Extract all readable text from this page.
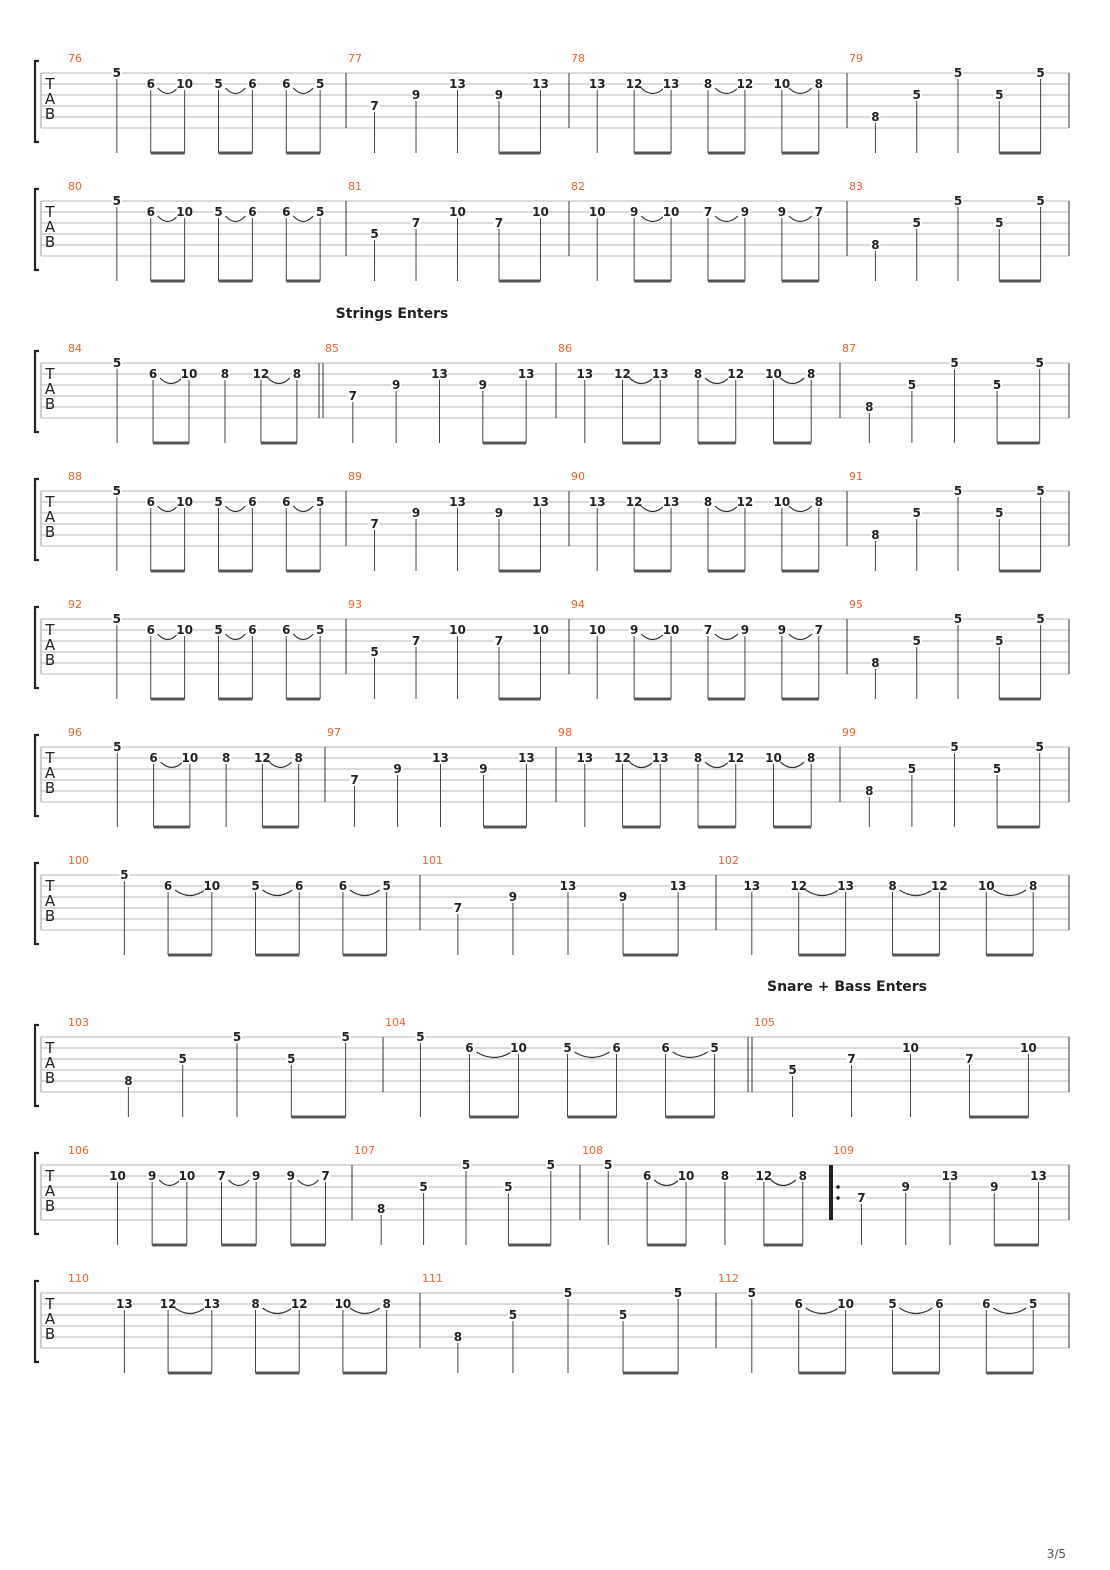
3/5
T
A
B
76
5
6 10 5 6 6 5
77
7
9
13
9
13
78
13 12 13 8 12 10 8
79
8
5
5
5
5
T
A
B
80
5
6 10 5 6 6 5
81
5
7
10
7
10
82
10 9 10 7 9 9 7
83
8
5
5
5
5
T
A
B
Strings Enters
84
5
6 10 8 12 8
85
7
9
13
9
13
86
13 12 13 8 12 10 8
87
8
5
5
5
5
T
A
B
88
5
6 10 5 6 6 5
89
7
9
13
9
13
90
13 12 13 8 12 10 8
91
8
5
5
5
5
T
A
B
92
5
6 10 5 6 6 5
93
5
7
10
7
10
94
10 9 10 7 9 9 7
95
8
5
5
5
5
T
A
B
96
5
6 10 8 12 8
97
7
9
13
9
13
98
13 12 13 8 12 10 8
99
8
5
5
5
5
T
A
B
100
5
6	10	5	6	6	5
101
7
9
13
9
13
102
13	12	13	8	12	10	8
T
A
B
Snare + Bass Enters
103
8
5
5
5
5
104
5
6	10	5	6	6	5
105
5
7
10
7
10
T
A
B
106
10 9 10 7 9 9 7
107
8
5
5
5
5
108
5
6 10 8 12 8
109
7
9
13
9
13
T
A
B
110
13 12 13	8	12 10	8
111
8
5
5
5
5
112
5
6	10	5	6	6	5
